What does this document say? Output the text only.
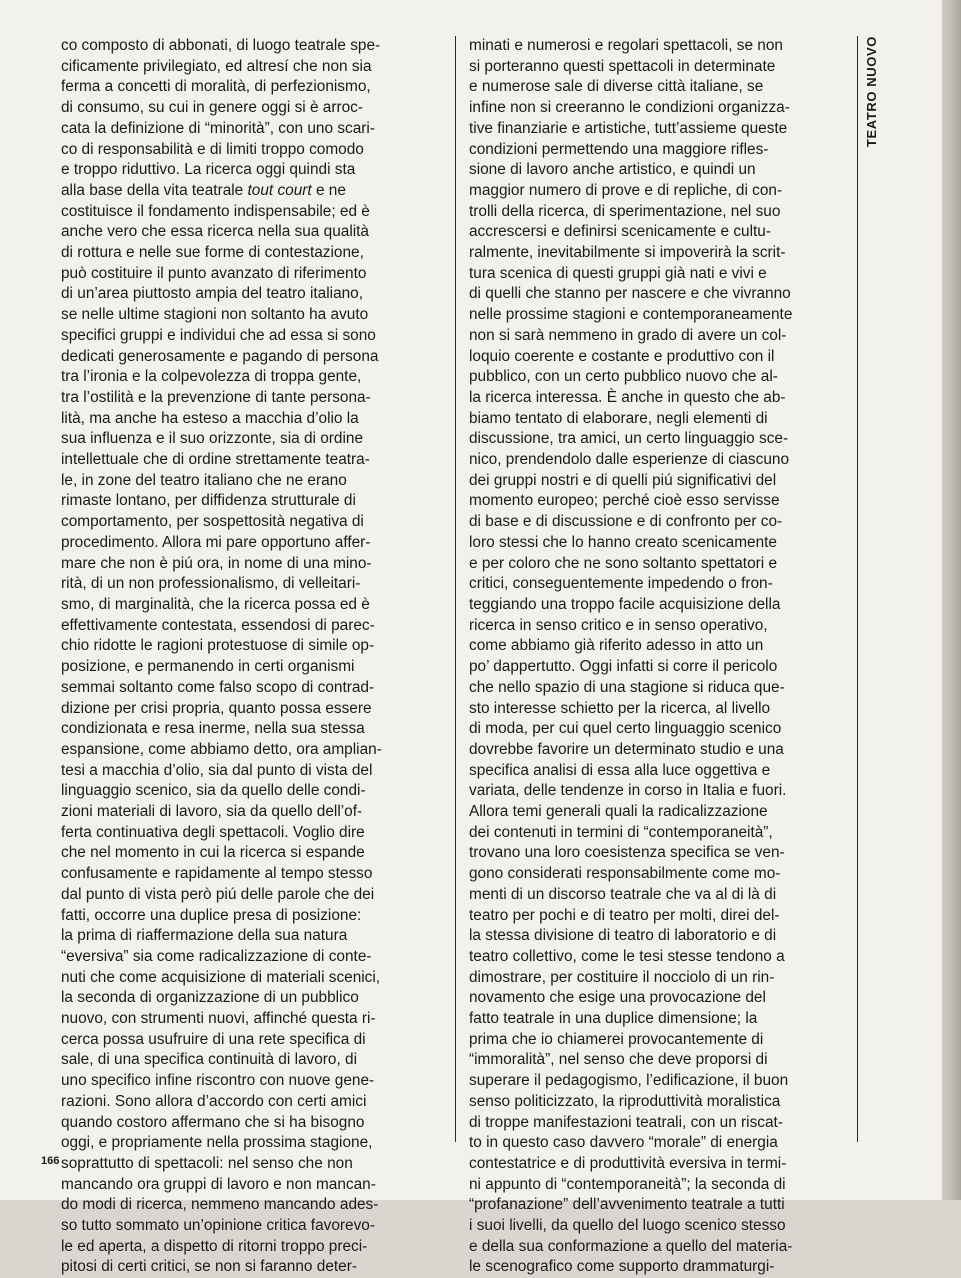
co composto di abbonati, di luogo teatrale spe-

cificamente privilegiato, ed altresí che non sia

ferma a concetti di moralità, di perfezionismo,

di consumo, su cui in genere oggi si è arroc-

cata la definizione di “minorità”, con uno scari-

co di responsabilità e di limiti troppo comodo

e troppo riduttivo. La ricerca oggi quindi sta

alla base della vita teatrale tout court e ne

costituisce il fondamento indispensabile; ed è

anche vero che essa ricerca nella sua qualità

di rottura e nelle sue forme di contestazione,

può costituire il punto avanzato di riferimento

di un’area piuttosto ampia del teatro italiano,

se nelle ultime stagioni non soltanto ha avuto

specifici gruppi e individui che ad essa si sono

dedicati generosamente e pagando di persona

tra l’ironia e la colpevolezza di troppa gente,

tra l’ostilità e la prevenzione di tante persona-

lità, ma anche ha esteso a macchia d’olio la

sua influenza e il suo orizzonte, sia di ordine

intellettuale che di ordine strettamente teatra-

le, in zone del teatro italiano che ne erano

rimaste lontano, per diffidenza strutturale di

comportamento, per sospettosità negativa di

procedimento. Allora mi pare opportuno affer-

mare che non è piú ora, in nome di una mino-

rità, di un non professionalismo, di velleitari-

smo, di marginalità, che la ricerca possa ed è

effettivamente contestata, essendosi di parec-

chio ridotte le ragioni protestuose di simile op-

posizione, e permanendo in certi organismi

semmai soltanto come falso scopo di contrad-

dizione per crisi propria, quanto possa essere

condizionata e resa inerme, nella sua stessa

espansione, come abbiamo detto, ora amplian-

tesi a macchia d’olio, sia dal punto di vista del

linguaggio scenico, sia da quello delle condi-

zioni materiali di lavoro, sia da quello dell’of-

ferta continuativa degli spettacoli. Voglio dire

che nel momento in cui la ricerca si espande

confusamente e rapidamente al tempo stesso

dal punto di vista però piú delle parole che dei

fatti, occorre una duplice presa di posizione:

la prima di riaffermazione della sua natura

“eversiva” sia come radicalizzazione di conte-

nuti che come acquisizione di materiali scenici,

la seconda di organizzazione di un pubblico

nuovo, con strumenti nuovi, affinché questa ri-

cerca possa usufruire di una rete specifica di

sale, di una specifica continuità di lavoro, di

uno specifico infine riscontro con nuove gene-

razioni. Sono allora d’accordo con certi amici

quando costoro affermano che si ha bisogno

oggi, e propriamente nella prossima stagione,

soprattutto di spettacoli: nel senso che non

mancando ora gruppi di lavoro e non mancan-

do modi di ricerca, nemmeno mancando ades-

so tutto sommato un’opinione critica favorevo-

le ed aperta, a dispetto di ritorni troppo preci-

pitosi di certi critici, se non si faranno deter-

minati e numerosi e regolari spettacoli, se non

si porteranno questi spettacoli in determinate

e numerose sale di diverse città italiane, se

infine non si creeranno le condizioni organizza-

tive finanziarie e artistiche, tutt’assieme queste

condizioni permettendo una maggiore rifles-

sione di lavoro anche artistico, e quindi un

maggior numero di prove e di repliche, di con-

trolli della ricerca, di sperimentazione, nel suo

accrescersi e definirsi scenicamente e cultu-

ralmente, inevitabilmente si impoverirà la scrit-

tura scenica di questi gruppi già nati e vivi e

di quelli che stanno per nascere e che vivranno

nelle prossime stagioni e contemporaneamente

non si sarà nemmeno in grado di avere un col-

loquio coerente e costante e produttivo con il

pubblico, con un certo pubblico nuovo che al-

la ricerca interessa. È anche in questo che ab-

biamo tentato di elaborare, negli elementi di

discussione, tra amici, un certo linguaggio sce-

nico, prendendolo dalle esperienze di ciascuno

dei gruppi nostri e di quelli piú significativi del

momento europeo; perché cioè esso servisse

di base e di discussione e di confronto per co-

loro stessi che lo hanno creato scenicamente

e per coloro che ne sono soltanto spettatori e

critici, conseguentemente impedendo o fron-

teggiando una troppo facile acquisizione della

ricerca in senso critico e in senso operativo,

come abbiamo già riferito adesso in atto un

po’ dappertutto. Oggi infatti si corre il pericolo

che nello spazio di una stagione si riduca que-

sto interesse schietto per la ricerca, al livello

di moda, per cui quel certo linguaggio scenico

dovrebbe favorire un determinato studio e una

specifica analisi di essa alla luce oggettiva e

variata, delle tendenze in corso in Italia e fuori.

Allora temi generali quali la radicalizzazione

dei contenuti in termini di “contemporaneità”,

trovano una loro coesistenza specifica se ven-

gono considerati responsabilmente come mo-

menti di un discorso teatrale che va al di là di

teatro per pochi e di teatro per molti, direi del-

la stessa divisione di teatro di laboratorio e di

teatro collettivo, come le tesi stesse tendono a

dimostrare, per costituire il nocciolo di un rin-

novamento che esige una provocazione del

fatto teatrale in una duplice dimensione; la

prima che io chiamerei provocantemente di

“immoralità”, nel senso che deve proporsi di

superare il pedagogismo, l’edificazione, il buon

senso politicizzato, la riproduttività moralistica

di troppe manifestazioni teatrali, con un riscat-

to in questo caso davvero “morale” di energia

contestatrice e di produttività eversiva in termi-

ni appunto di “contemporaneità”; la seconda di

“profanazione” dell’avvenimento teatrale a tutti

i suoi livelli, da quello del luogo scenico stesso

e della sua conformazione a quello del materia-

le scenografico come supporto drammaturgi-

TEATRO NUOVO
166
